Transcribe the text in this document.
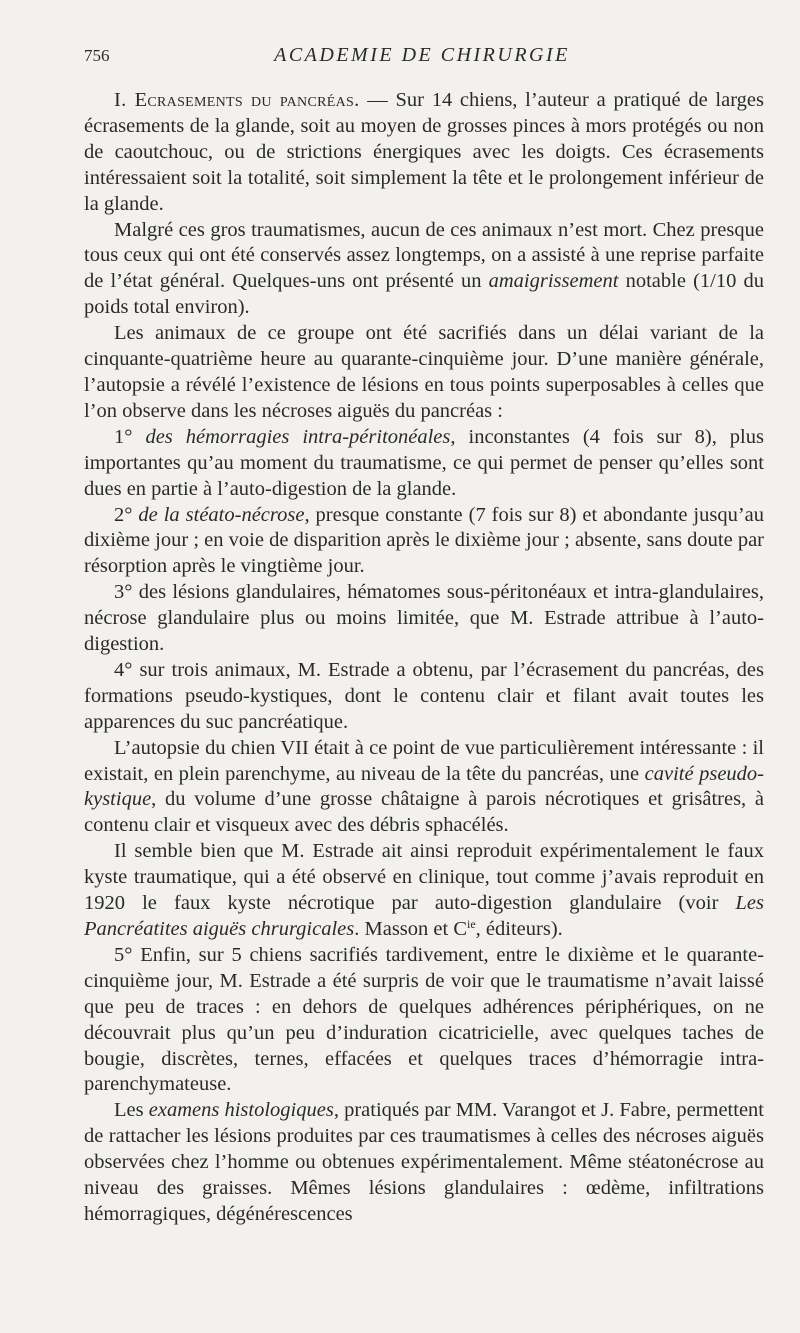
756	ACADEMIE DE CHIRURGIE

I. Ecrasements du pancréas. — Sur 14 chiens, l’auteur a pratiqué de larges écrasements de la glande, soit au moyen de grosses pinces à mors protégés ou non de caoutchouc, ou de strictions énergiques avec les doigts. Ces écrasements intéressaient soit la totalité, soit simplement la tête et le prolongement inférieur de la glande.

Malgré ces gros traumatismes, aucun de ces animaux n’est mort. Chez presque tous ceux qui ont été conservés assez longtemps, on a assisté à une reprise parfaite de l’état général. Quelques-uns ont présenté un amaigrissement notable (1/10 du poids total environ).

Les animaux de ce groupe ont été sacrifiés dans un délai variant de la cinquante-quatrième heure au quarante-cinquième jour. D’une manière générale, l’autopsie a révélé l’existence de lésions en tous points superposables à celles que l’on observe dans les nécroses aiguës du pancréas :

1° des hémorragies intra-péritonéales, inconstantes (4 fois sur 8), plus importantes qu’au moment du traumatisme, ce qui permet de penser qu’elles sont dues en partie à l’auto-digestion de la glande.

2° de la stéato-nécrose, presque constante (7 fois sur 8) et abondante jusqu’au dixième jour ; en voie de disparition après le dixième jour ; absente, sans doute par résorption après le vingtième jour.

3° des lésions glandulaires, hématomes sous-péritonéaux et intra-glandulaires, nécrose glandulaire plus ou moins limitée, que M. Estrade attribue à l’auto-digestion.

4° sur trois animaux, M. Estrade a obtenu, par l’écrasement du pancréas, des formations pseudo-kystiques, dont le contenu clair et filant avait toutes les apparences du suc pancréatique.

L’autopsie du chien VII était à ce point de vue particulièrement intéressante : il existait, en plein parenchyme, au niveau de la tête du pancréas, une cavité pseudo-kystique, du volume d’une grosse châtaigne à parois nécrotiques et grisâtres, à contenu clair et visqueux avec des débris sphacélés.

Il semble bien que M. Estrade ait ainsi reproduit expérimentalement le faux kyste traumatique, qui a été observé en clinique, tout comme j’avais reproduit en 1920 le faux kyste nécrotique par auto-digestion glandulaire (voir Les Pancréatites aiguës chrurgicales. Masson et $C^{ie}$, éditeurs).

5° Enfin, sur 5 chiens sacrifiés tardivement, entre le dixième et le quarante-cinquième jour, M. Estrade a été surpris de voir que le traumatisme n’avait laissé que peu de traces : en dehors de quelques adhérences périphériques, on ne découvrait plus qu’un peu d’induration cicatricielle, avec quelques taches de bougie, discrètes, ternes, effacées et quelques traces d’hémorragie intra-parenchymateuse.

Les examens histologiques, pratiqués par MM. Varangot et J. Fabre, permettent de rattacher les lésions produites par ces traumatismes à celles des nécroses aiguës observées chez l’homme ou obtenues expérimentalement. Même stéatonécrose au niveau des graisses. Mêmes lésions glandulaires : œdème, infiltrations hémorragiques, dégénérescences
